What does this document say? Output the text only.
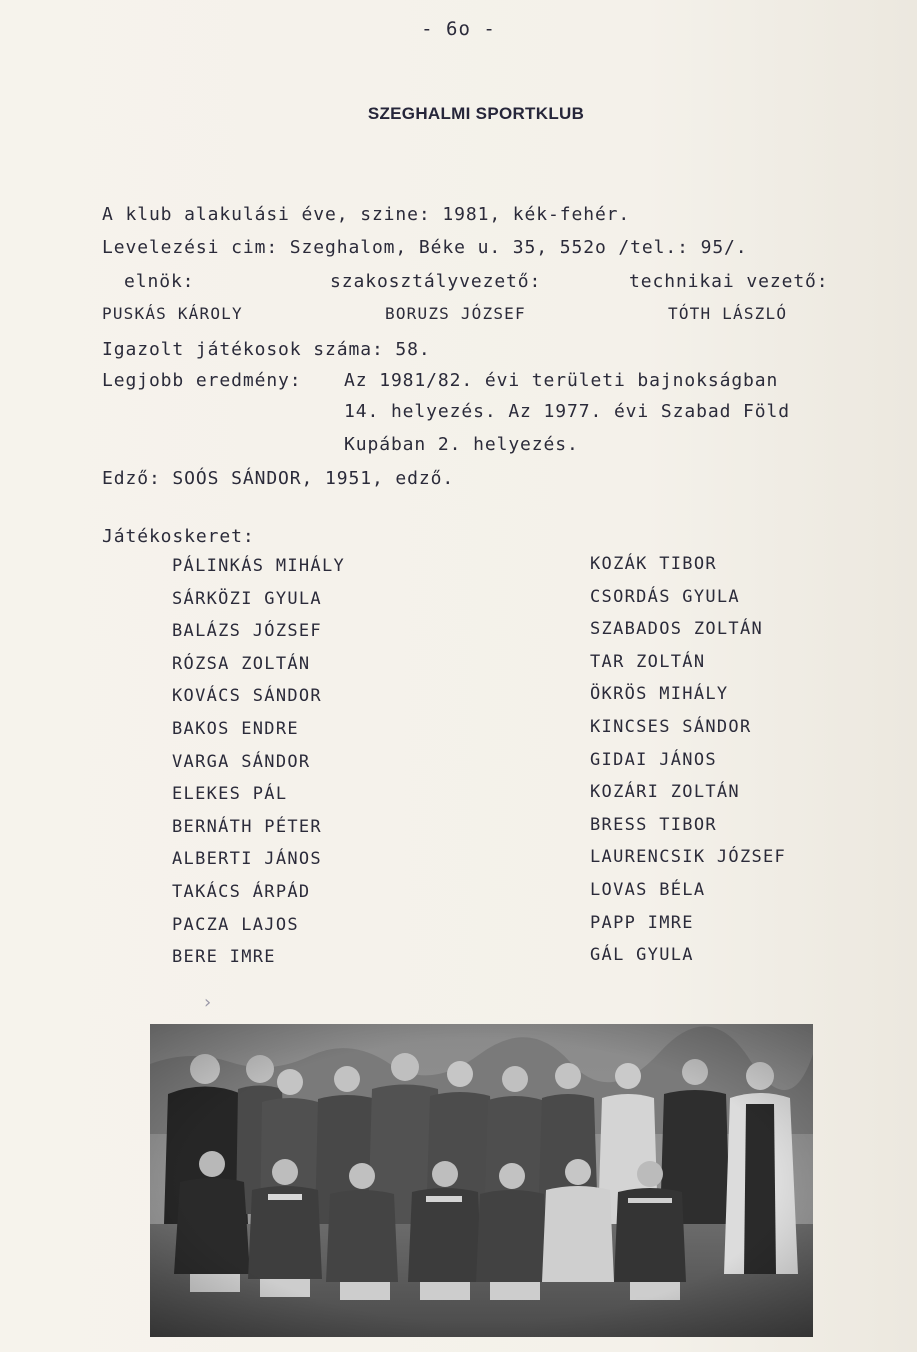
- 6o -
SZEGHALMI SPORTKLUB
A klub alakulási éve, szine: 1981, kék-fehér.
Levelezési cim: Szeghalom, Béke u. 35, 552o /tel.: 95/.
elnök:	szakosztályvezető:	technikai vezető:
PUSKÁS KÁROLY	BORUZS JÓZSEF	TÓTH LÁSZLÓ
Igazolt játékosok száma: 58.
Legjobb eredmény: Az 1981/82. évi területi bajnokságban
14. helyezés. Az 1977. évi Szabad Föld
Kupában 2. helyezés.
Edző: SOÓS SÁNDOR, 1951, edző.
Játékoskeret:
PÁLINKÁS MIHÁLY
SÁRKÖZI GYULA
BALÁZS JÓZSEF
RÓZSA ZOLTÁN
KOVÁCS SÁNDOR
BAKOS ENDRE
VARGA SÁNDOR
ELEKES PÁL
BERNÁTH PÉTER
ALBERTI JÁNOS
TAKÁCS ÁRPÁD
PACZA LAJOS
BERE IMRE
KOZÁK TIBOR
CSORDÁS GYULA
SZABADOS ZOLTÁN
TAR ZOLTÁN
ÖKRÖS MIHÁLY
KINCSES SÁNDOR
GIDAI JÁNOS
KOZÁRI ZOLTÁN
BRESS TIBOR
LAURENCSIK JÓZSEF
LOVAS BÉLA
PAPP IMRE
GÁL GYULA
›
